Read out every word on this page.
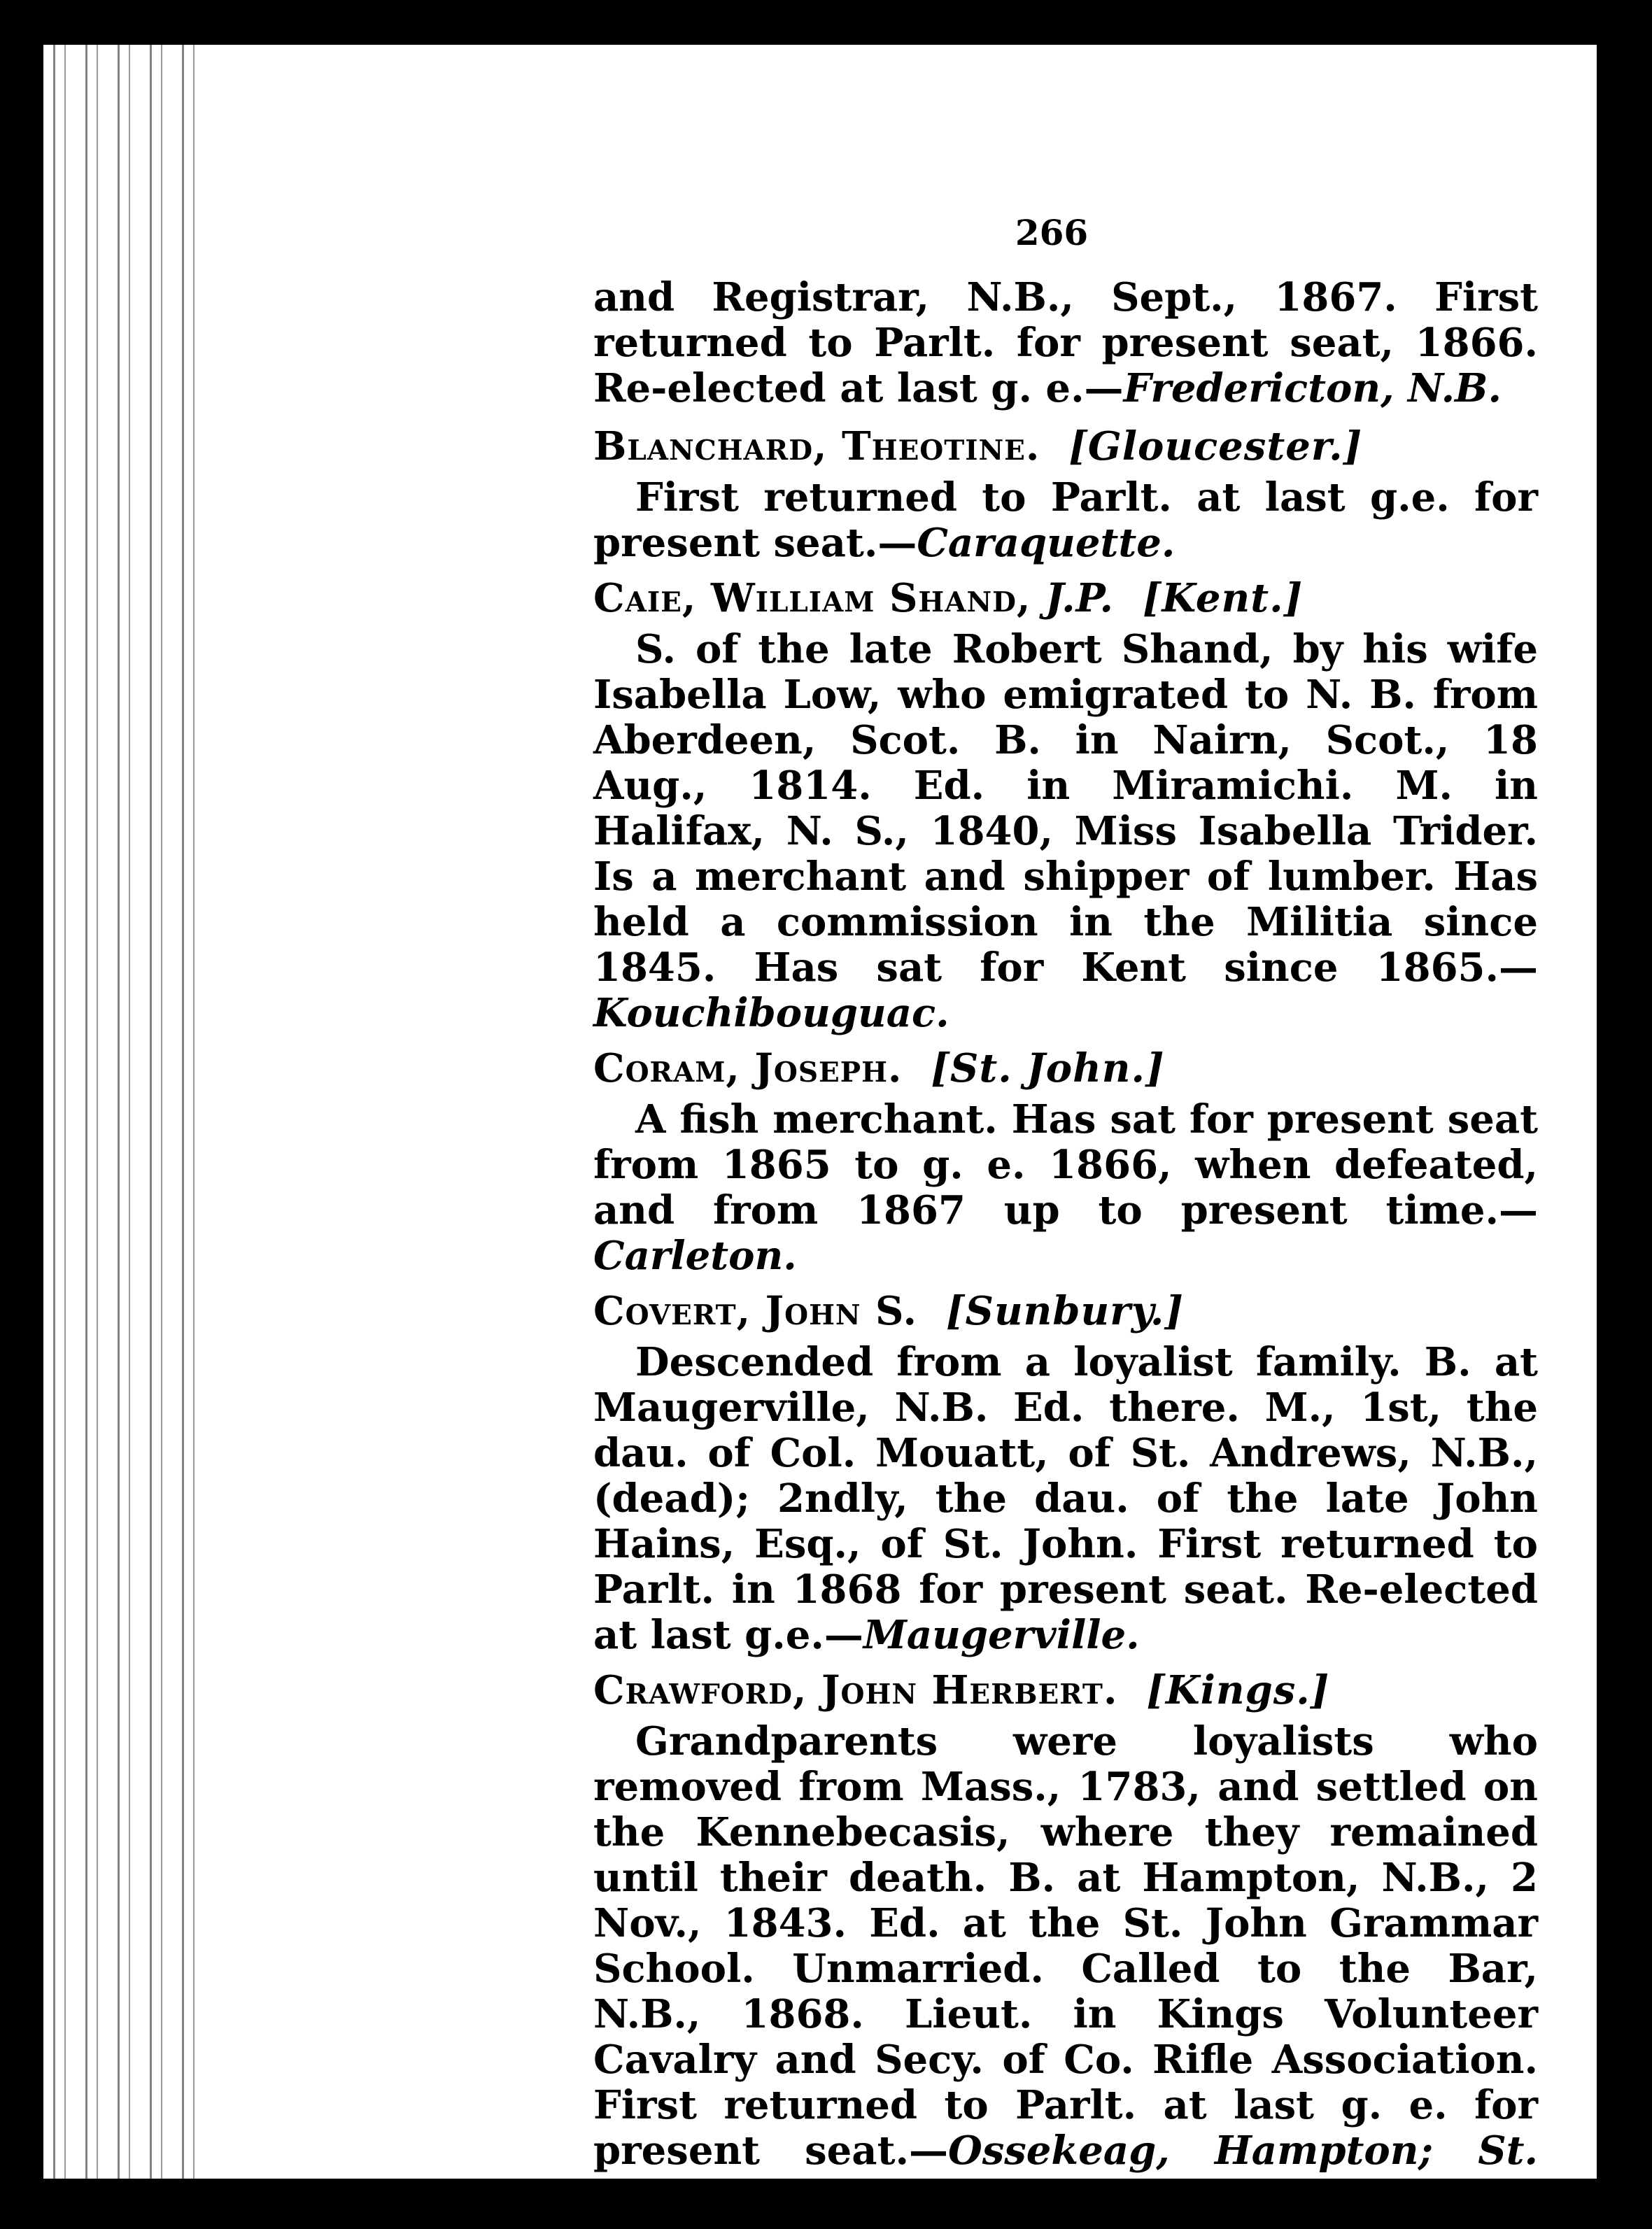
266

and Registrar, N.B., Sept., 1867. First returned to Parlt. for present seat, 1866. Re-elected at last g. e.—Fredericton, N.B.

Blanchard, Theotine. [Gloucester.]

First returned to Parlt. at last g.e. for present seat.—Caraquette.

Caie, William Shand, J.P. [Kent.]

S. of the late Robert Shand, by his wife Isabella Low, who emigrated to N. B. from Aberdeen, Scot. B. in Nairn, Scot., 18 Aug., 1814. Ed. in Miramichi. M. in Halifax, N. S., 1840, Miss Isabella Trider. Is a merchant and shipper of lumber. Has held a commission in the Militia since 1845. Has sat for Kent since 1865.—Kouchibouguac.

Coram, Joseph. [St. John.]

A fish merchant. Has sat for present seat from 1865 to g. e. 1866, when defeated, and from 1867 up to present time.—Carleton.

Covert, John S. [Sunbury.]

Descended from a loyalist family. B. at Maugerville, N.B. Ed. there. M., 1st, the dau. of Col. Mouatt, of St. Andrews, N.B., (dead); 2ndly, the dau. of the late John Hains, Esq., of St. John. First returned to Parlt. in 1868 for present seat. Re-elected at last g.e.—Maugerville.

Crawford, John Herbert. [Kings.]

Grandparents were loyalists who removed from Mass., 1783, and settled on the Kennebecasis, where they remained until their death. B. at Hampton, N.B., 2 Nov., 1843. Ed. at the St. John Grammar School. Unmarried. Called to the Bar, N.B., 1868. Lieut. in Kings Volunteer Cavalry and Secy. of Co. Rifle Association. First returned to Parlt. at last g. e. for present seat.—Ossekeag, Hampton; St. John.
